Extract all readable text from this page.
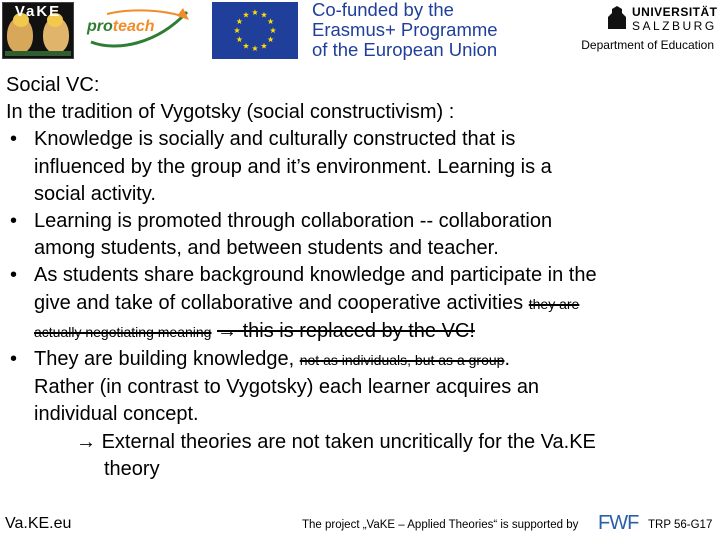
VaKE
proteach
Co-funded by the
Erasmus+ Programme
of the European Union
UNIVERSITÄT
SALZBURG
Department of Education
Social VC:
In the tradition of Vygotsky (social constructivism) :
• Knowledge is socially and culturally constructed that is
influenced by the group and it’s environment. Learning is a
social activity.
• Learning is promoted through collaboration -- collaboration
among students, and between students and teacher.
• As students share background knowledge and participate in the
give and take of collaborative and cooperative activities they are
actually negotiating meaning → this is replaced by the VC!
• They are building knowledge, not as individuals, but as a group.
Rather (in contrast to Vygotsky) each learner acquires an
individual concept.
→ External theories are not taken uncritically for the Va.KE
theory
Va.KE.eu	The project „VaKE – Applied Theories“ is supported by FWF TRP 56-G17
